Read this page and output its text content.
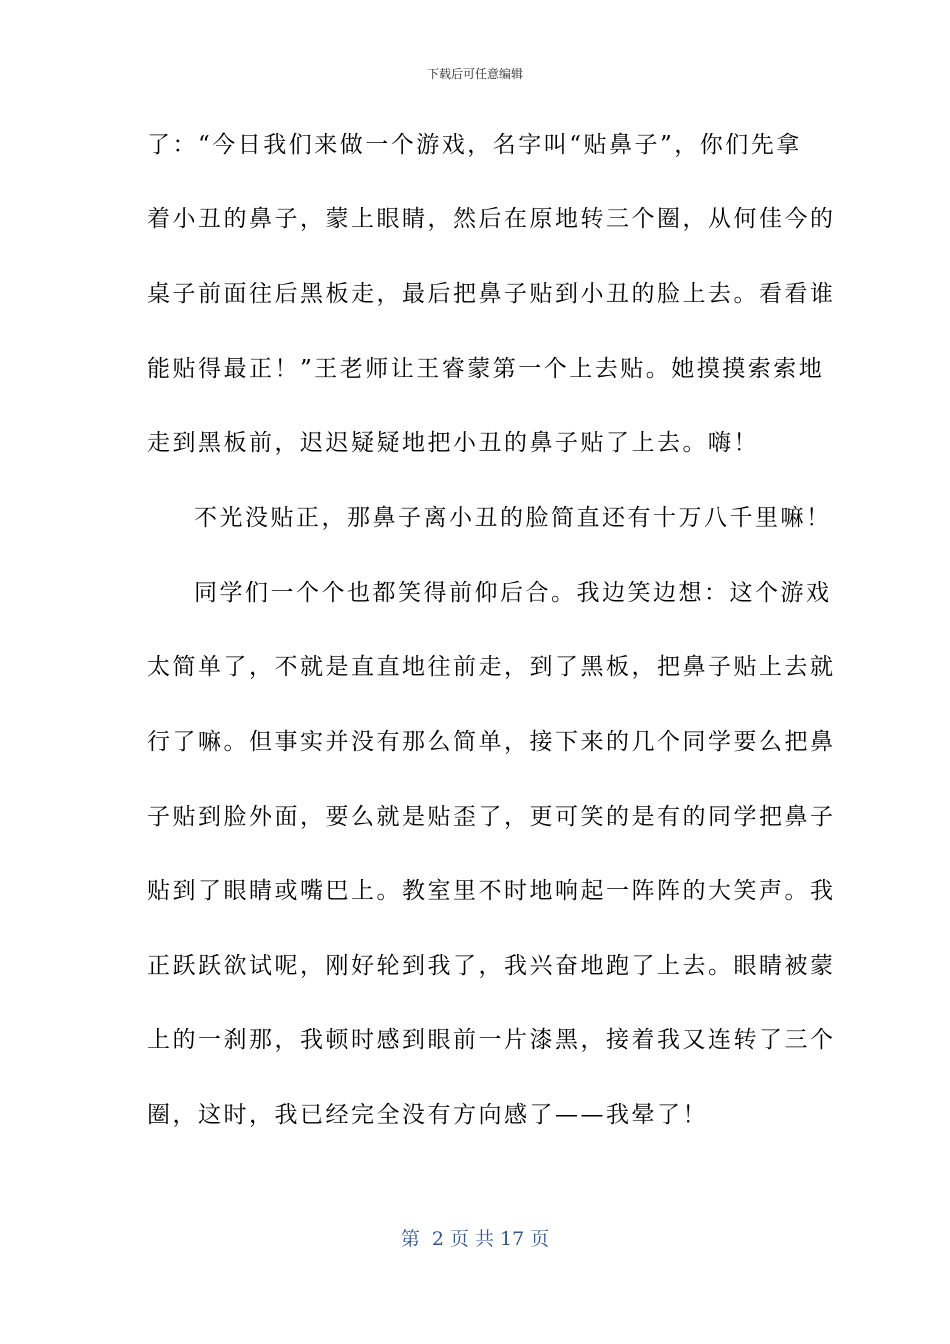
下载后可任意编辑
了：“今日我们来做一个游戏，名字叫“贴鼻子”，你们先拿
着小丑的鼻子，蒙上眼睛，然后在原地转三个圈，从何佳今的
桌子前面往后黑板走，最后把鼻子贴到小丑的脸上去。看看谁
能贴得最正！”王老师让王睿蒙第一个上去贴。她摸摸索索地
走到黑板前，迟迟疑疑地把小丑的鼻子贴了上去。嗨！
不光没贴正，那鼻子离小丑的脸简直还有十万八千里嘛！
同学们一个个也都笑得前仰后合。我边笑边想：这个游戏
太简单了，不就是直直地往前走，到了黑板，把鼻子贴上去就
行了嘛。但事实并没有那么简单，接下来的几个同学要么把鼻
子贴到脸外面，要么就是贴歪了，更可笑的是有的同学把鼻子
贴到了眼睛或嘴巴上。教室里不时地响起一阵阵的大笑声。我
正跃跃欲试呢，刚好轮到我了，我兴奋地跑了上去。眼睛被蒙
上的一刹那，我顿时感到眼前一片漆黑，接着我又连转了三个
圈，这时，我已经完全没有方向感了——我晕了！
第  2 页 共 17 页
